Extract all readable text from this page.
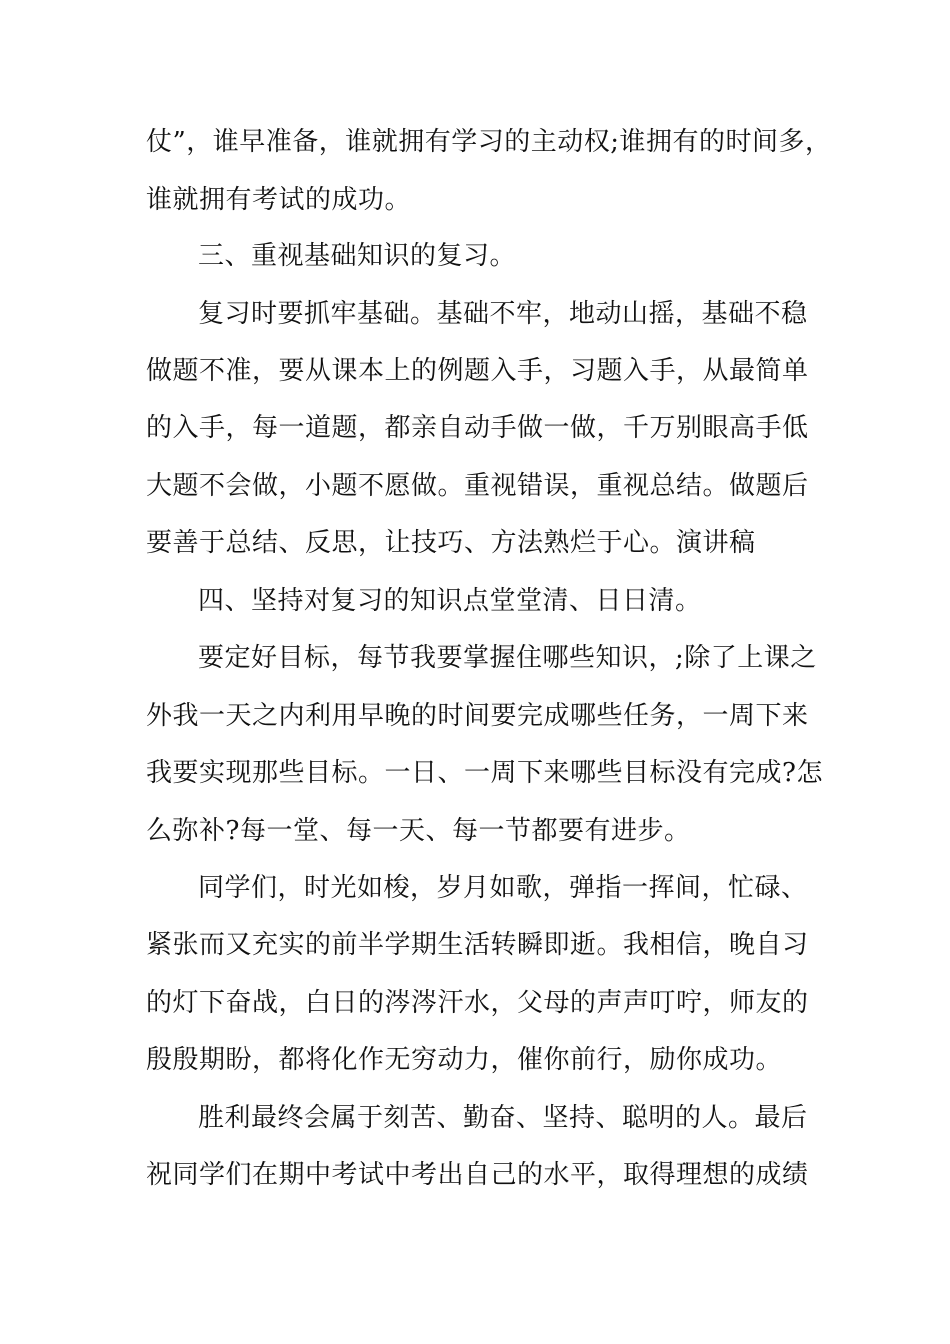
仗”，谁早准备，谁就拥有学习的主动权;谁拥有的时间多，
谁就拥有考试的成功。
三、重视基础知识的复习。
复习时要抓牢基础。基础不牢，地动山摇，基础不稳
做题不准，要从课本上的例题入手，习题入手，从最简单
的入手，每一道题，都亲自动手做一做，千万别眼高手低
大题不会做，小题不愿做。重视错误，重视总结。做题后
要善于总结、反思，让技巧、方法熟烂于心。演讲稿
四、坚持对复习的知识点堂堂清、日日清。
要定好目标，每节我要掌握住哪些知识，;除了上课之
外我一天之内利用早晚的时间要完成哪些任务，一周下来
我要实现那些目标。一日、一周下来哪些目标没有完成?怎
么弥补?每一堂、每一天、每一节都要有进步。
同学们，时光如梭，岁月如歌，弹指一挥间，忙碌、
紧张而又充实的前半学期生活转瞬即逝。我相信，晚自习
的灯下奋战，白日的涔涔汗水，父母的声声叮咛，师友的
殷殷期盼，都将化作无穷动力，催你前行，励你成功。
胜利最终会属于刻苦、勤奋、坚持、聪明的人。最后
祝同学们在期中考试中考出自己的水平，取得理想的成绩
